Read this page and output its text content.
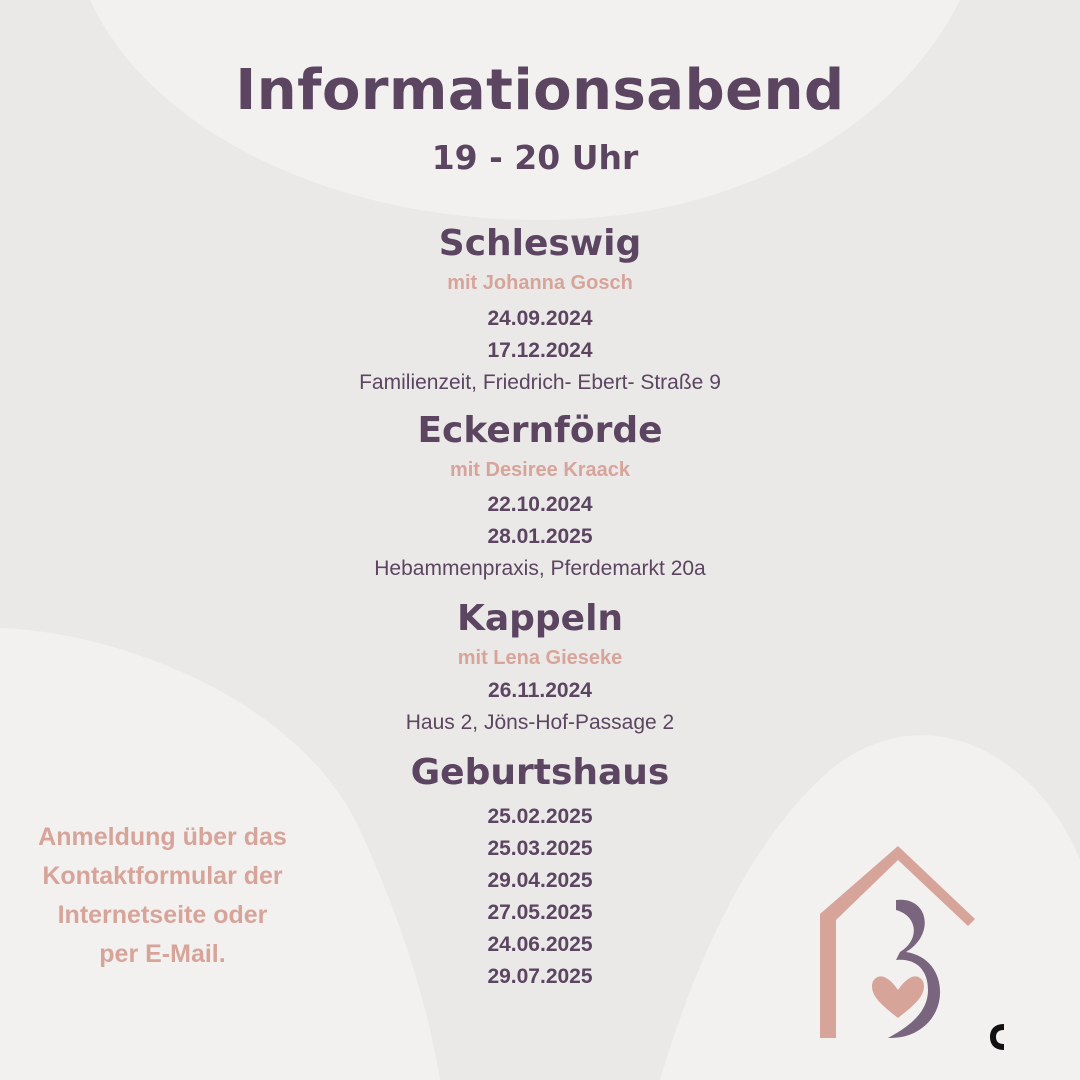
Informationsabend
19 - 20 Uhr
Schleswig
mit Johanna Gosch
24.09.2024
17.12.2024
Familienzeit, Friedrich- Ebert- Straße 9
Eckernförde
mit Desiree Kraack
22.10.2024
28.01.2025
Hebammenpraxis, Pferdemarkt 20a
Kappeln
mit Lena Gieseke
26.11.2024
Haus 2, Jöns-Hof-Passage 2
Geburtshaus
25.02.2025
25.03.2025
29.04.2025
27.05.2025
24.06.2025
29.07.2025
Anmeldung über das
Kontaktformular der
Internetseite oder
per E-Mail.
